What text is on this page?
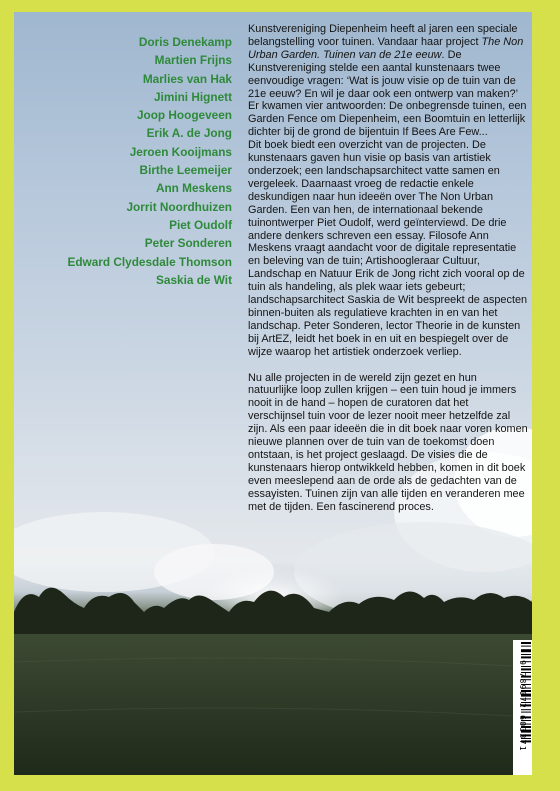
Doris Denekamp
Martien Frijns
Marlies van Hak
Jimini Hignett
Joop Hoogeveen
Erik A. de Jong
Jeroen Kooijmans
Birthe Leemeijer
Ann Meskens
Jorrit Noordhuizen
Piet Oudolf
Peter Sonderen
Edward Clydesdale Thomson
Saskia de Wit

Kunstvereniging Diepenheim heeft al jaren een speciale belangstelling voor tuinen. Vandaar haar project The Non Urban Garden. Tuinen van de 21e eeuw. De Kunstvereniging stelde een aantal kunstenaars twee eenvoudige vragen: ‘Wat is jouw visie op de tuin van de 21e eeuw? En wil je daar ook een ontwerp van maken?’ Er kwamen vier antwoorden: De onbegrensde tuinen, een Garden Fence om Diepenheim, een Boomtuin en letterlijk dichter bij de grond de bijentuin If Bees Are Few...

Dit boek biedt een overzicht van de projecten. De kunstenaars gaven hun visie op basis van artistiek onderzoek; een landschapsarchitect vatte samen en vergeleek. Daarnaast vroeg de redactie enkele deskundigen naar hun ideeën over The Non Urban Garden. Een van hen, de internationaal bekende tuinontwerper Piet Oudolf, werd geïnterviewd. De drie andere denkers schreven een essay. Filosofe Ann Meskens vraagt aandacht voor de digitale representatie en beleving van de tuin; Artishoogleraar Cultuur, Landschap en Natuur Erik de Jong richt zich vooral op de tuin als handeling, als plek waar iets gebeurt; landschapsarchitect Saskia de Wit bespreekt de aspecten binnen-buiten als regulatieve krachten in en van het landschap. Peter Sonderen, lector Theorie in de kunsten bij ArtEZ, leidt het boek in en uit en bespiegelt over de wijze waarop het artistiek onderzoek verliep.

Nu alle projecten in de wereld zijn gezet en hun natuurlijke loop zullen krijgen – een tuin houd je immers nooit in de hand – hopen de curatoren dat het verschijnsel tuin voor de lezer nooit meer hetzelfde zal zijn. Als een paar ideeën die in dit boek naar voren komen nieuwe plannen over de tuin van de toekomst doen ontstaan, is het project geslaagd. De visies die de kunstenaars hierop ontwikkeld hebben, komen in dit boek even meeslepend aan de orde als de gedachten van de essayisten. Tuinen zijn van alle tijden en veranderen mee met de tijden. Een fascinerend proces.

9 789072 603371
